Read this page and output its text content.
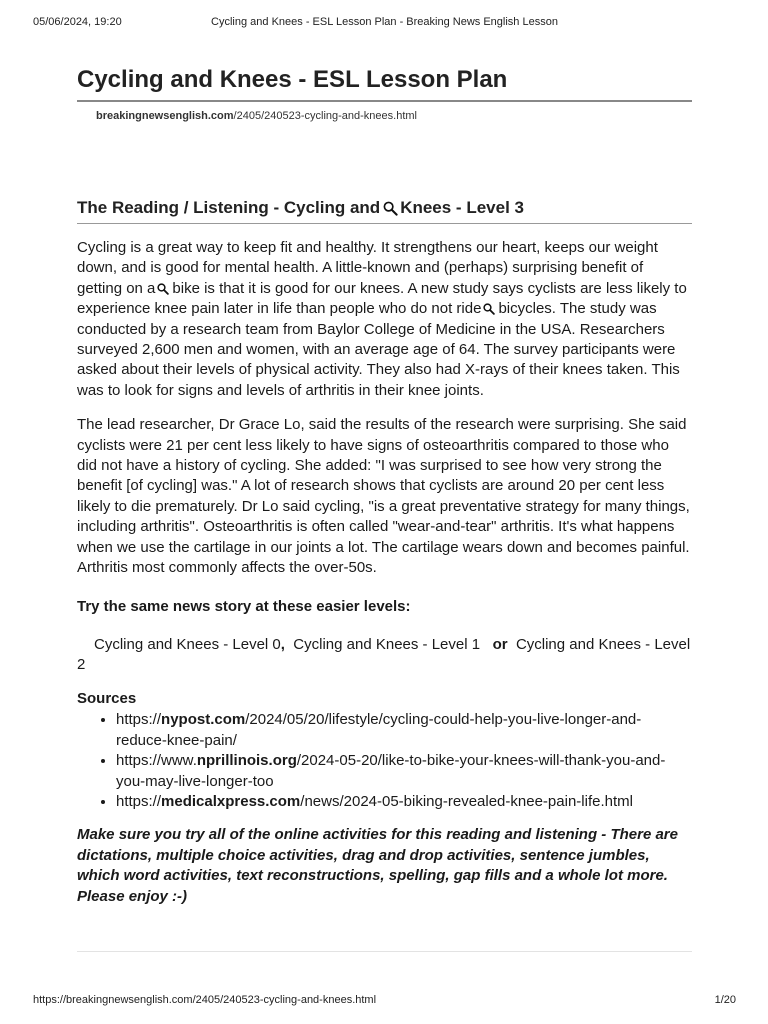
05/06/2024, 19:20	Cycling and Knees - ESL Lesson Plan - Breaking News English Lesson
Cycling and Knees - ESL Lesson Plan
breakingnewsenglish.com/2405/240523-cycling-and-knees.html
The Reading / Listening - Cycling and Knees - Level 3

Cycling is a great way to keep fit and healthy. It strengthens our heart, keeps our weight down, and is good for mental health. A little-known and (perhaps) surprising benefit of getting on a bike is that it is good for our knees. A new study says cyclists are less likely to experience knee pain later in life than people who do not ride bicycles. The study was conducted by a research team from Baylor College of Medicine in the USA. Researchers surveyed 2,600 men and women, with an average age of 64. The survey participants were asked about their levels of physical activity. They also had X-rays of their knees taken. This was to look for signs and levels of arthritis in their knee joints.

The lead researcher, Dr Grace Lo, said the results of the research were surprising. She said cyclists were 21 per cent less likely to have signs of osteoarthritis compared to those who did not have a history of cycling. She added: "I was surprised to see how very strong the benefit [of cycling] was." A lot of research shows that cyclists are around 20 per cent less likely to die prematurely. Dr Lo said cycling, "is a great preventative strategy for many things, including arthritis". Osteoarthritis is often called "wear-and-tear" arthritis. It's what happens when we use the cartilage in our joints a lot. The cartilage wears down and becomes painful. Arthritis most commonly affects the over-50s.

Try the same news story at these easier levels:
Cycling and Knees - Level 0, Cycling and Knees - Level 1 or Cycling and Knees - Level 2
Sources
• https://nypost.com/2024/05/20/lifestyle/cycling-could-help-you-live-longer-and-reduce-knee-pain/
• https://www.nprillinois.org/2024-05-20/like-to-bike-your-knees-will-thank-you-and-you-may-live-longer-too
• https://medicalxpress.com/news/2024-05-biking-revealed-knee-pain-life.html

Make sure you try all of the online activities for this reading and listening - There are dictations, multiple choice activities, drag and drop activities, sentence jumbles, which word activities, text reconstructions, spelling, gap fills and a whole lot more. Please enjoy :-)

https://breakingnewsenglish.com/2405/240523-cycling-and-knees.html	1/20
